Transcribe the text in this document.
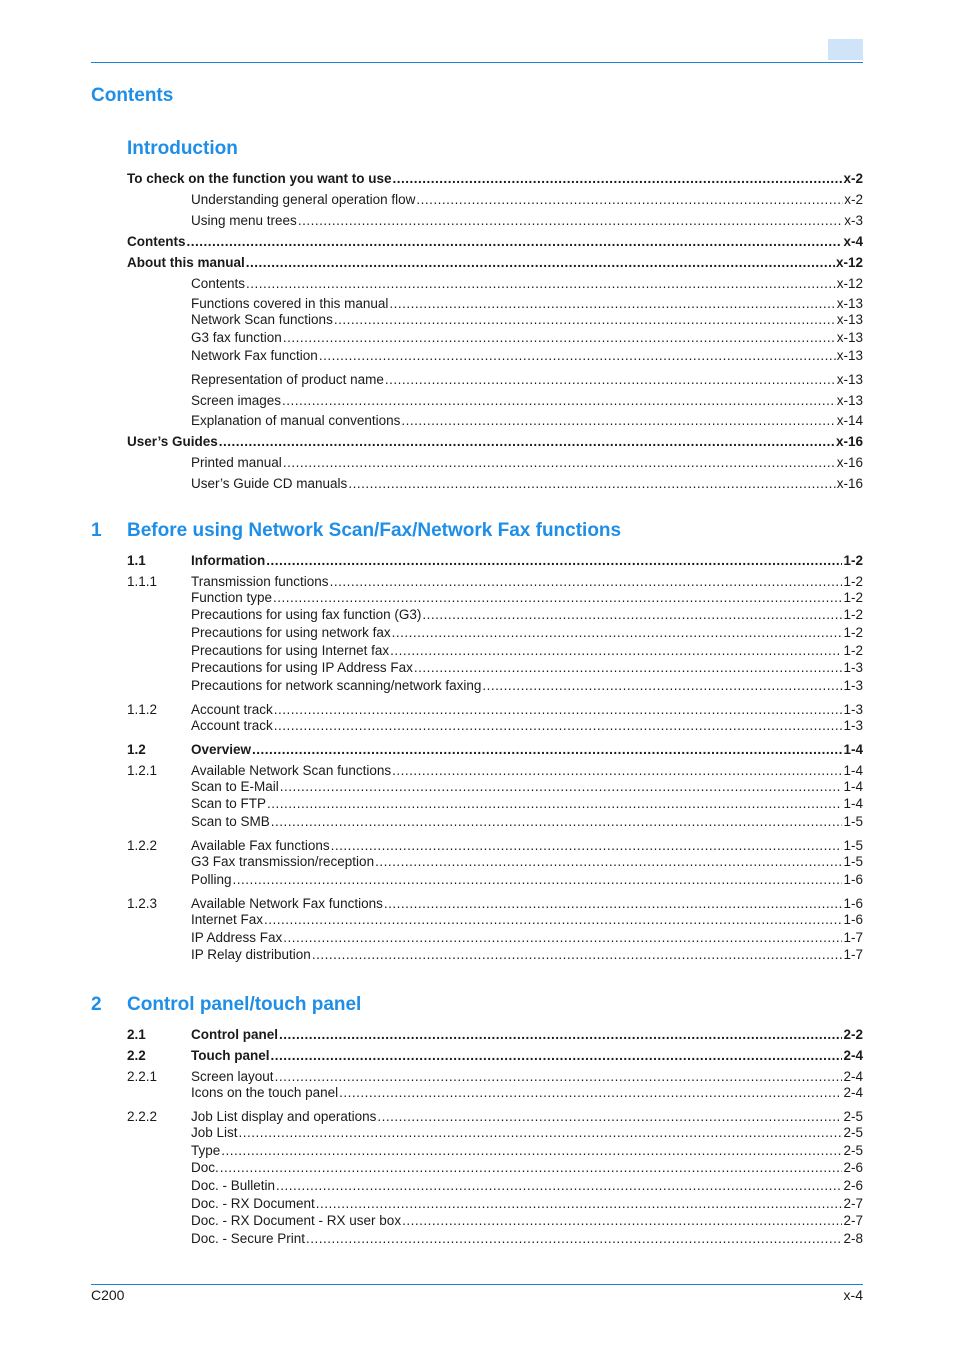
Contents
Introduction
To check on the function you want to use .....	x-2
Understanding general operation flow .....	x-2
Using menu trees .....	x-3
Contents .....	x-4
About this manual .....	x-12
Contents .....	x-12
Functions covered in this manual .....	x-13
Network Scan functions .....	x-13
G3 fax function .....	x-13
Network Fax function .....	x-13
Representation of product name .....	x-13
Screen images .....	x-13
Explanation of manual conventions .....	x-14
User’s Guides .....	x-16
Printed manual .....	x-16
User’s Guide CD manuals .....	x-16
1 Before using Network Scan/Fax/Network Fax functions
1.1	Information .....	1-2
1.1.1	Transmission functions .....	1-2
Function type .....	1-2
Precautions for using fax function (G3) .....	1-2
Precautions for using network fax .....	1-2
Precautions for using Internet fax .....	1-2
Precautions for using IP Address Fax .....	1-3
Precautions for network scanning/network faxing .....	1-3
1.1.2	Account track .....	1-3
Account track .....	1-3
1.2	Overview .....	1-4
1.2.1	Available Network Scan functions .....	1-4
Scan to E-Mail .....	1-4
Scan to FTP .....	1-4
Scan to SMB .....	1-5
1.2.2	Available Fax functions .....	1-5
G3 Fax transmission/reception .....	1-5
Polling .....	1-6
1.2.3	Available Network Fax functions .....	1-6
Internet Fax .....	1-6
IP Address Fax .....	1-7
IP Relay distribution .....	1-7
2 Control panel/touch panel
2.1	Control panel .....	2-2
2.2	Touch panel .....	2-4
2.2.1	Screen layout .....	2-4
Icons on the touch panel .....	2-4
2.2.2	Job List display and operations .....	2-5
Job List .....	2-5
Type .....	2-5
Doc. .....	2-6
Doc. - Bulletin .....	2-6
Doc. - RX Document .....	2-7
Doc. - RX Document - RX user box .....	2-7
Doc. - Secure Print .....	2-8
C200	x-4
